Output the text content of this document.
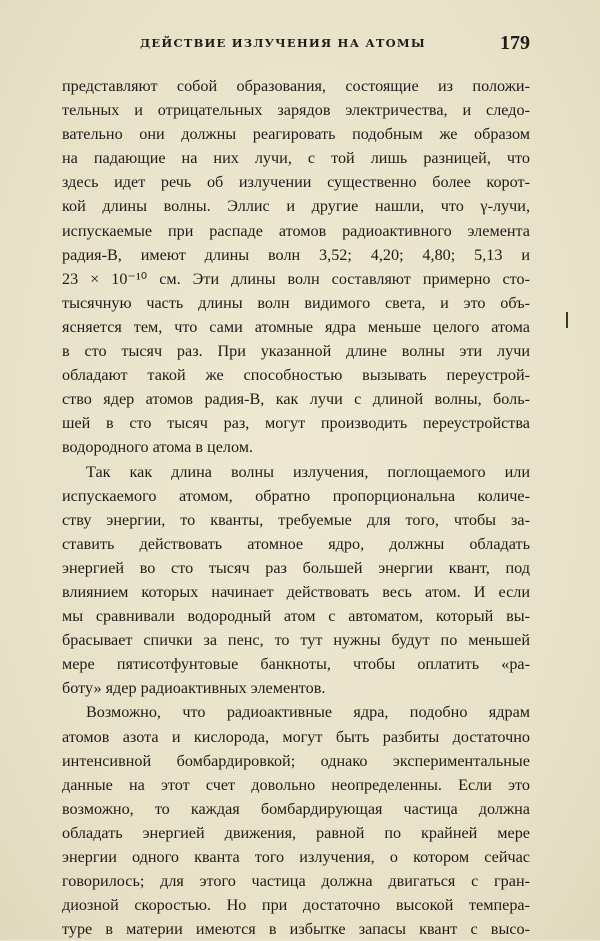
ДЕЙСТВИЕ ИЗЛУЧЕНИЯ НА АТОМЫ	179
представляют собой образования, состоящие из положи-
тельных и отрицательных зарядов электричества, и следо-
вательно они должны реагировать подобным же образом
на падающие на них лучи, с той лишь разницей, что
здесь идет речь об излучении существенно более корот-
кой длины волны. Эллис и другие нашли, что γ-лучи,
испускаемые при распаде атомов радиоактивного элемента
радия-В, имеют длины волн 3,52; 4,20; 4,80; 5,13 и
23 × 10⁻¹⁰ см. Эти длины волн составляют примерно сто-
тысячную часть длины волн видимого света, и это объ-
ясняется тем, что сами атомные ядра меньше целого атома
в сто тысяч раз. При указанной длине волны эти лучи
обладают такой же способностью вызывать переустрой-
ство ядер атомов радия-В, как лучи с длиной волны, боль-
шей в сто тысяч раз, могут производить переустройства
водородного атома в целом.
Так как длина волны излучения, поглощаемого или
испускаемого атомом, обратно пропорциональна количе-
ству энергии, то кванты, требуемые для того, чтобы за-
ставить действовать атомное ядро, должны обладать
энергией во сто тысяч раз большей энергии квант, под
влиянием которых начинает действовать весь атом. И если
мы сравнивали водородный атом с автоматом, который вы-
брасывает спички за пенс, то тут нужны будут по меньшей
мере пятисотфунтовые банкноты, чтобы оплатить «ра-
боту» ядер радиоактивных элементов.
Возможно, что радиоактивные ядра, подобно ядрам
атомов азота и кислорода, могут быть разбиты достаточно
интенсивной бомбардировкой; однако экспериментальные
данные на этот счет довольно неопределенны. Если это
возможно, то каждая бомбардирующая частица должна
обладать энергией движения, равной по крайней мере
энергии одного кванта того излучения, о котором сейчас
говорилось; для этого частица должна двигаться с гран-
диозной скоростью. Но при достаточно высокой темпера-
туре в материи имеются в избытке запасы квант с высо-
